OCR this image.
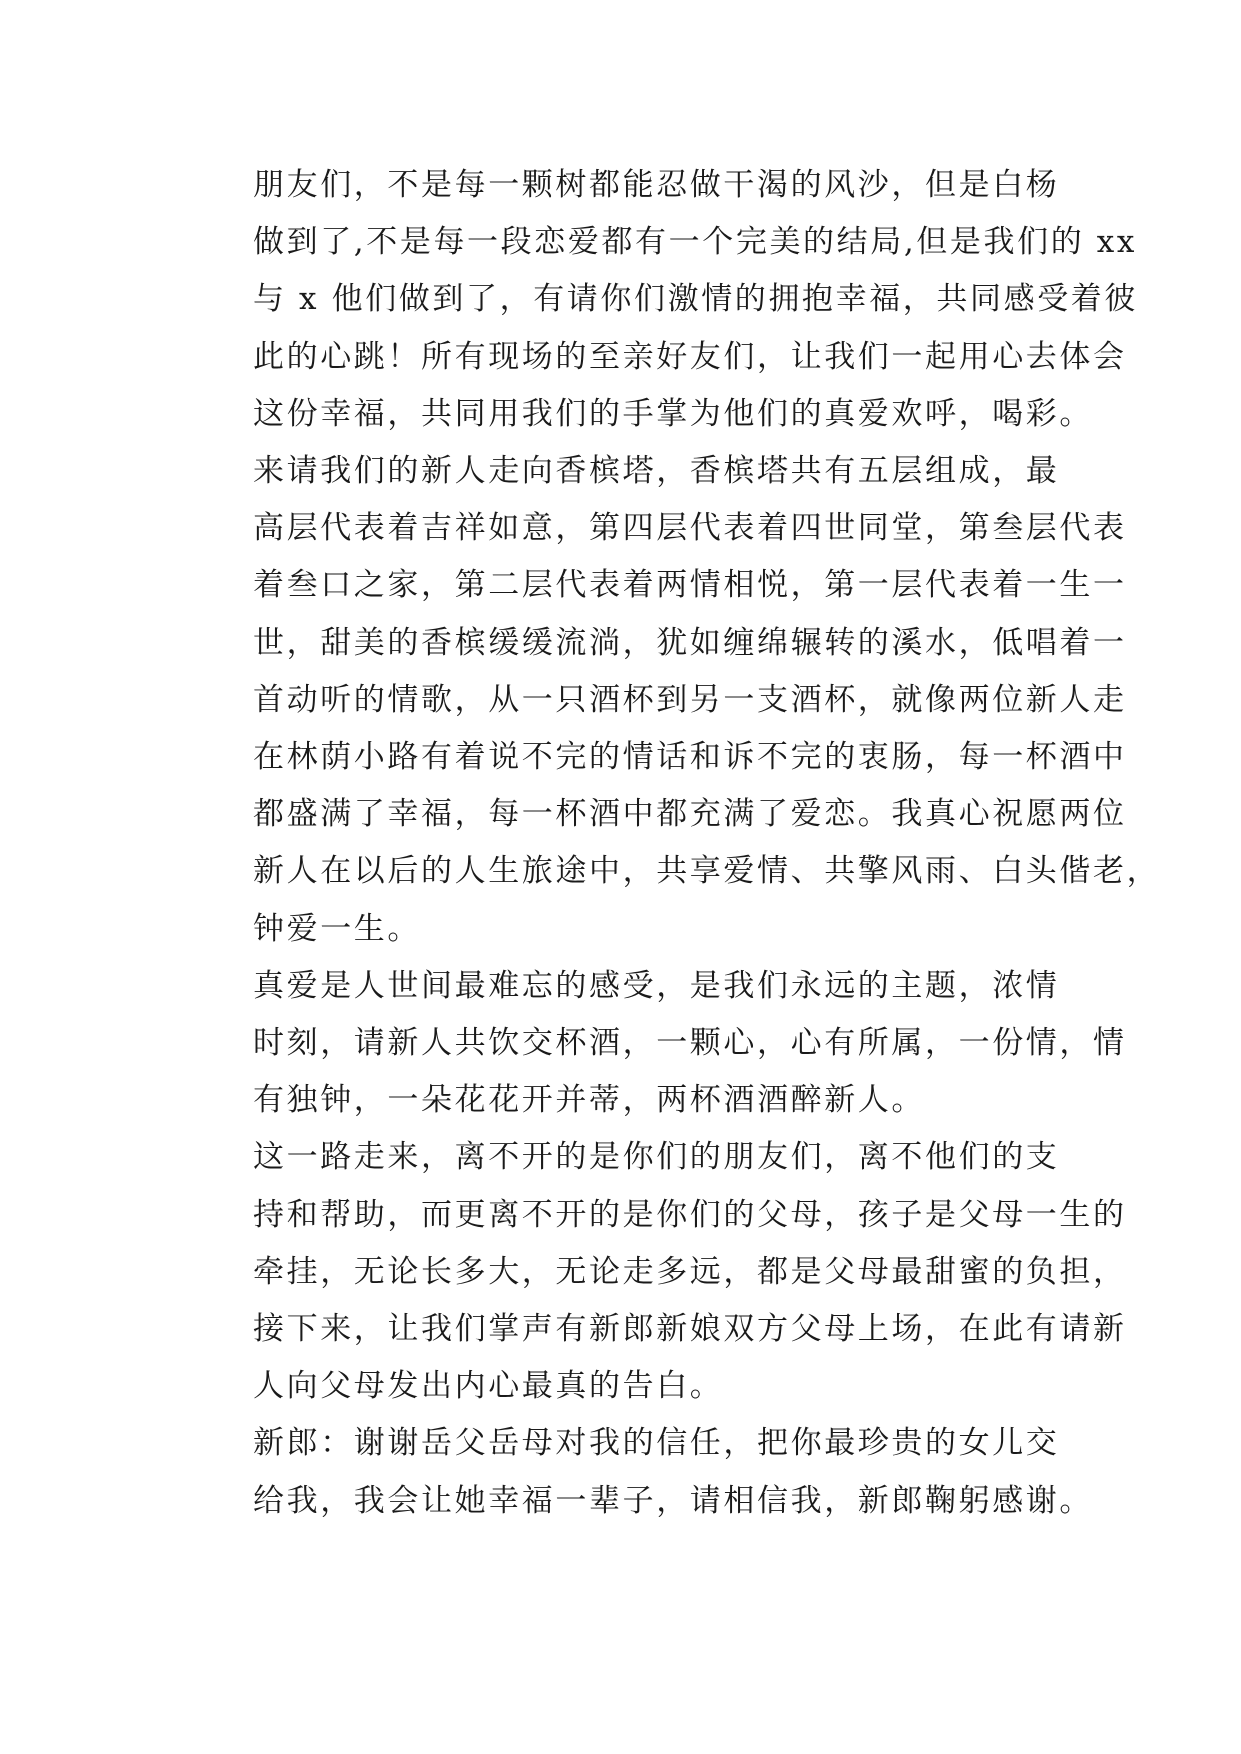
朋友们，不是每一颗树都能忍做干渴的风沙，但是白杨
做到了,不是每一段恋爱都有一个完美的结局,但是我们的 xx
与 x 他们做到了，有请你们激情的拥抱幸福，共同感受着彼
此的心跳！所有现场的至亲好友们，让我们一起用心去体会
这份幸福，共同用我们的手掌为他们的真爱欢呼，喝彩。

来请我们的新人走向香槟塔，香槟塔共有五层组成，最
高层代表着吉祥如意，第四层代表着四世同堂，第叁层代表
着叁口之家，第二层代表着两情相悦，第一层代表着一生一
世，甜美的香槟缓缓流淌，犹如缠绵辗转的溪水，低唱着一
首动听的情歌，从一只酒杯到另一支酒杯，就像两位新人走
在林荫小路有着说不完的情话和诉不完的衷肠，每一杯酒中
都盛满了幸福，每一杯酒中都充满了爱恋。我真心祝愿两位
新人在以后的人生旅途中，共享爱情、共擎风雨、白头偕老，
钟爱一生。

真爱是人世间最难忘的感受，是我们永远的主题，浓情
时刻，请新人共饮交杯酒，一颗心，心有所属，一份情，情
有独钟，一朵花花开并蒂，两杯酒酒醉新人。

这一路走来，离不开的是你们的朋友们，离不他们的支
持和帮助，而更离不开的是你们的父母，孩子是父母一生的
牵挂，无论长多大，无论走多远，都是父母最甜蜜的负担，
接下来，让我们掌声有新郎新娘双方父母上场，在此有请新
人向父母发出内心最真的告白。

新郎：谢谢岳父岳母对我的信任，把你最珍贵的女儿交
给我，我会让她幸福一辈子，请相信我，新郎鞠躬感谢。
